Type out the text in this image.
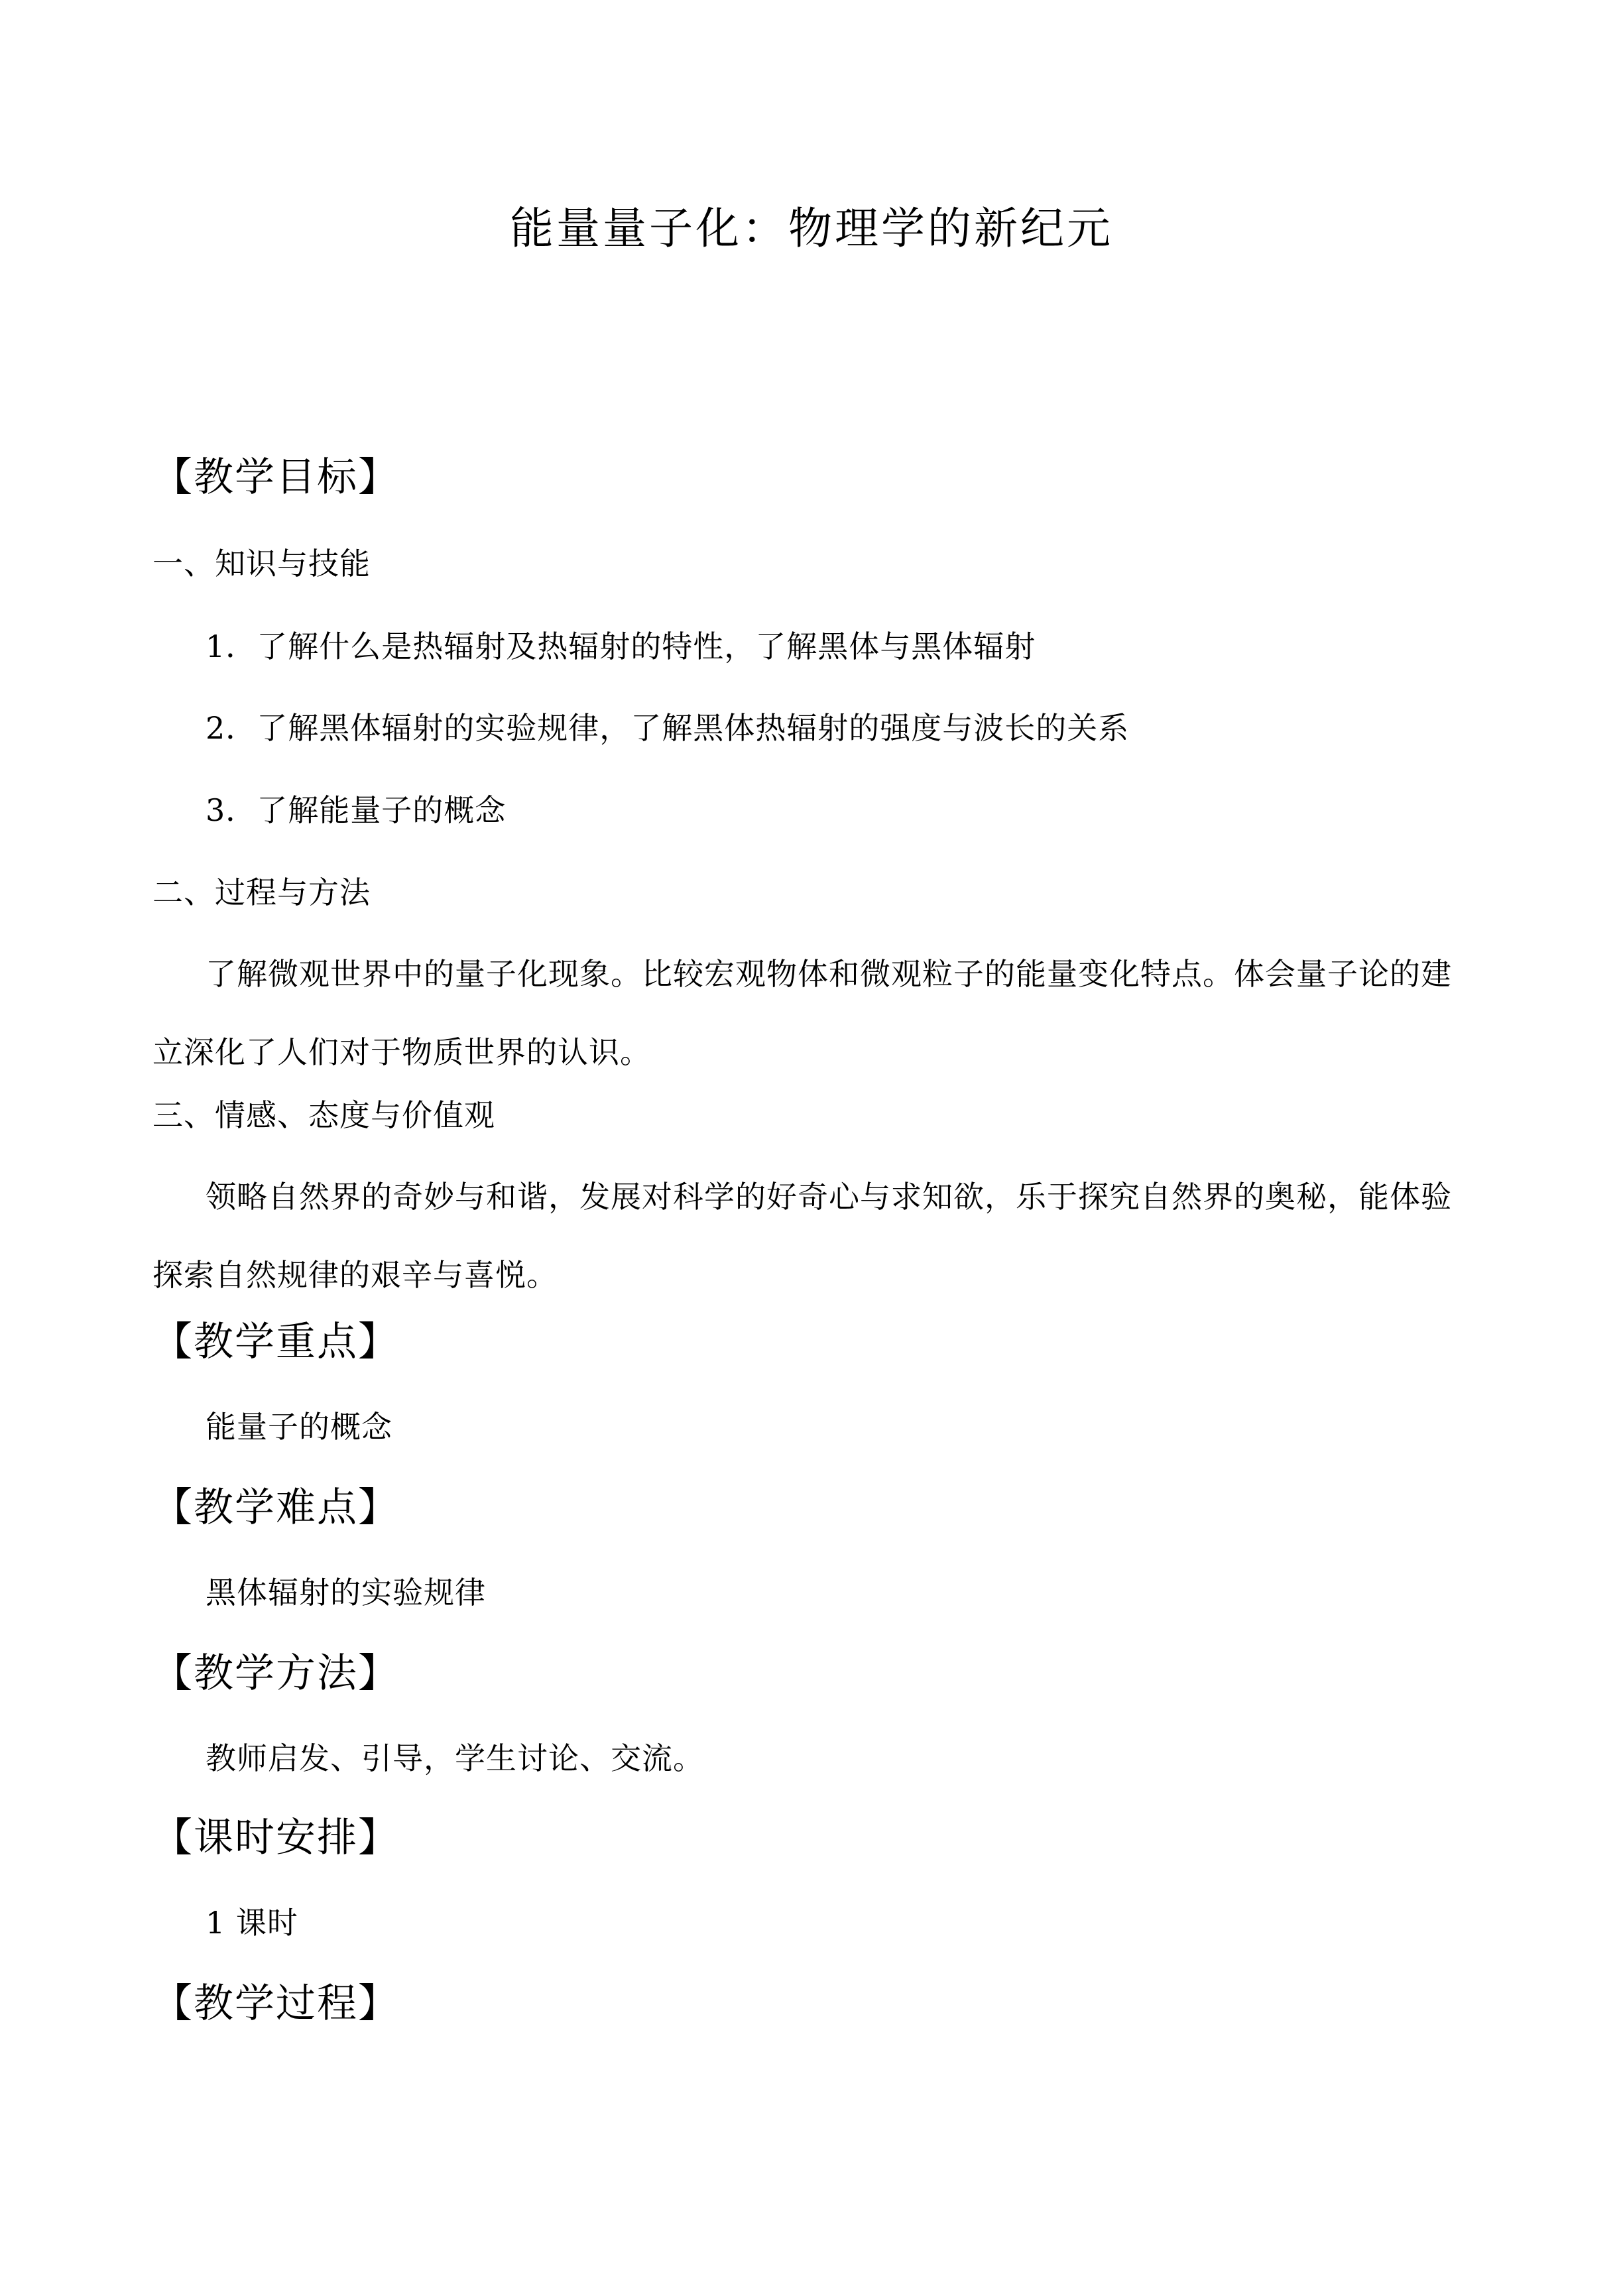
能量量子化：物理学的新纪元
【教学目标】
一、知识与技能
1．了解什么是热辐射及热辐射的特性，了解黑体与黑体辐射
2．了解黑体辐射的实验规律，了解黑体热辐射的强度与波长的关系
3．了解能量子的概念
二、过程与方法
了解微观世界中的量子化现象。比较宏观物体和微观粒子的能量变化特点。体会量子论的建立深化了人们对于物质世界的认识。
三、情感、态度与价值观
领略自然界的奇妙与和谐，发展对科学的好奇心与求知欲，乐于探究自然界的奥秘，能体验探索自然规律的艰辛与喜悦。
【教学重点】
能量子的概念
【教学难点】
黑体辐射的实验规律
【教学方法】
教师启发、引导，学生讨论、交流。
【课时安排】
1 课时
【教学过程】
